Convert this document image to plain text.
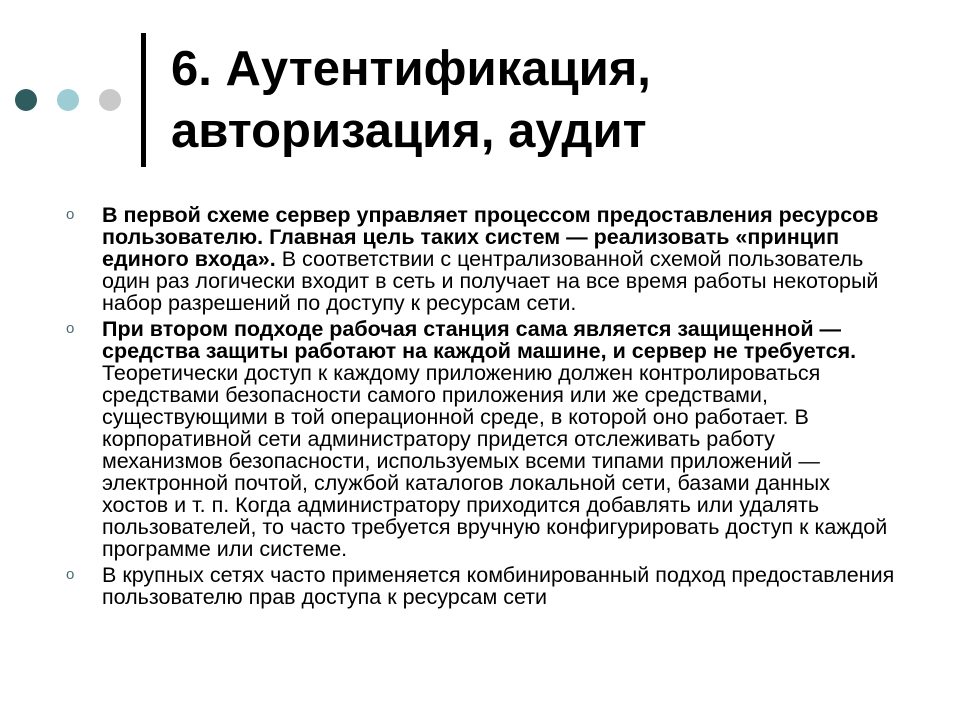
6. Аутентификация,
авторизация, аудит
o В первой схеме сервер управляет процессом предоставления ресурсов пользователю. Главная цель таких систем — реализовать «принцип единого входа». В соответствии с централизованной схемой пользователь один раз логически входит в сеть и получает на все время работы некоторый набор разрешений по доступу к ресурсам сети.
o При втором подходе рабочая станция сама является защищенной — средства защиты работают на каждой машине, и сервер не требуется. Теоретически доступ к каждому приложению должен контролироваться средствами безопасности самого приложения или же средствами, существующими в той операционной среде, в которой оно работает. В корпоративной сети администратору придется отслеживать работу механизмов безопасности, используемых всеми типами приложений — электронной почтой, службой каталогов локальной сети, базами данных хостов и т. п. Когда администратору приходится добавлять или удалять пользователей, то часто требуется вручную конфигурировать доступ к каждой программе или системе.
o В крупных сетях часто применяется комбинированный подход предоставления пользователю прав доступа к ресурсам сети
